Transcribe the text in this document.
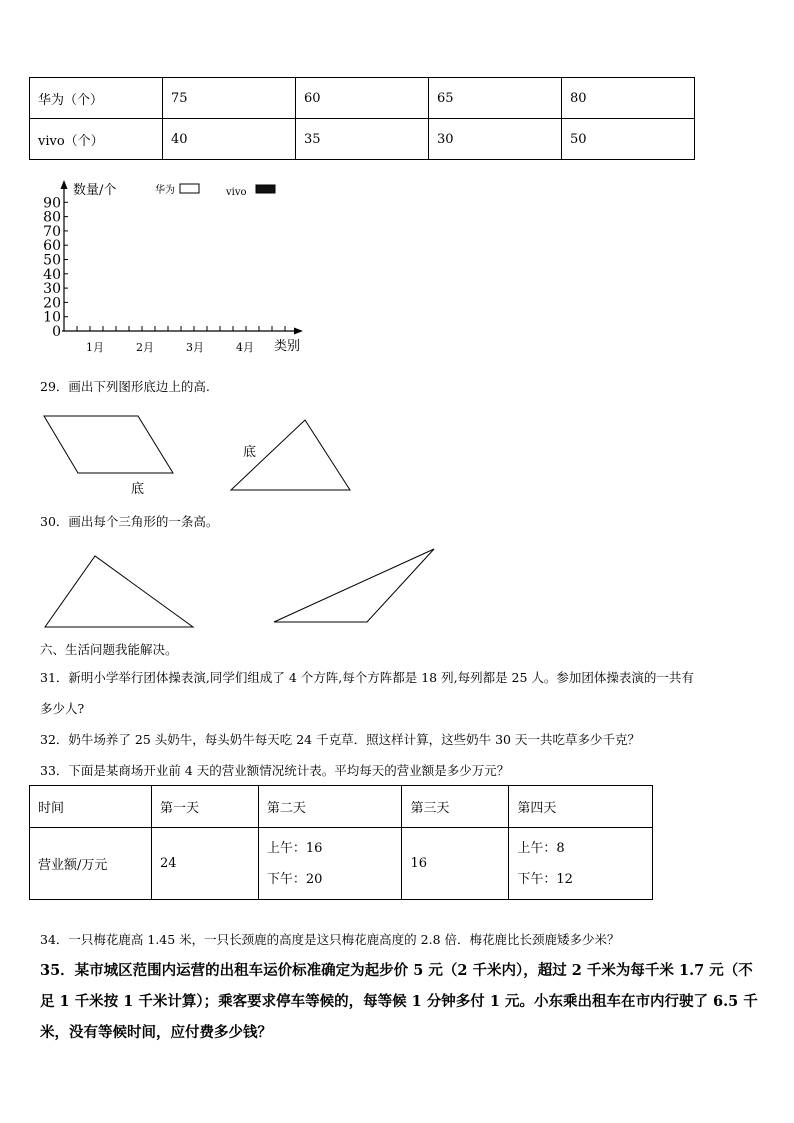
华为（个）	75	60	65	80
vivo（个）	40	35	30	50
数量/个
类别
华为	vivo
0
10
20
30
40
50
60
70
80
90
1月	2月	3月	4月
29．画出下列图形底边上的高.
底
底
30．画出每个三角形的一条高。
六、生活问题我能解决。
31．新明小学举行团体操表演,同学们组成了 4 个方阵,每个方阵都是 18 列,每列都是 25 人。参加团体操表演的一共有
多少人?
32．奶牛场养了 25 头奶牛，每头奶牛每天吃 24 千克草．照这样计算，这些奶牛 30 天一共吃草多少千克？
33．下面是某商场开业前 4 天的营业额情况统计表。平均每天的营业额是多少万元？
时间	第一天	第二天	第三天	第四天
营业额/万元	24	上午：16
下午：20	16	上午：8
下午：12
34．一只梅花鹿高 1.45 米，一只长颈鹿的高度是这只梅花鹿高度的 2.8 倍．梅花鹿比长颈鹿矮多少米？
35．某市城区范围内运营的出租车运价标准确定为起步价 5 元（2 千米内），超过 2 千米为每千米 1.7 元（不足 1 千米按 1 千米计算）；乘客要求停车等候的，每等候 1 分钟多付 1 元。小东乘出租车在市内行驶了 6.5 千米，没有等候时间，应付费多少钱？
